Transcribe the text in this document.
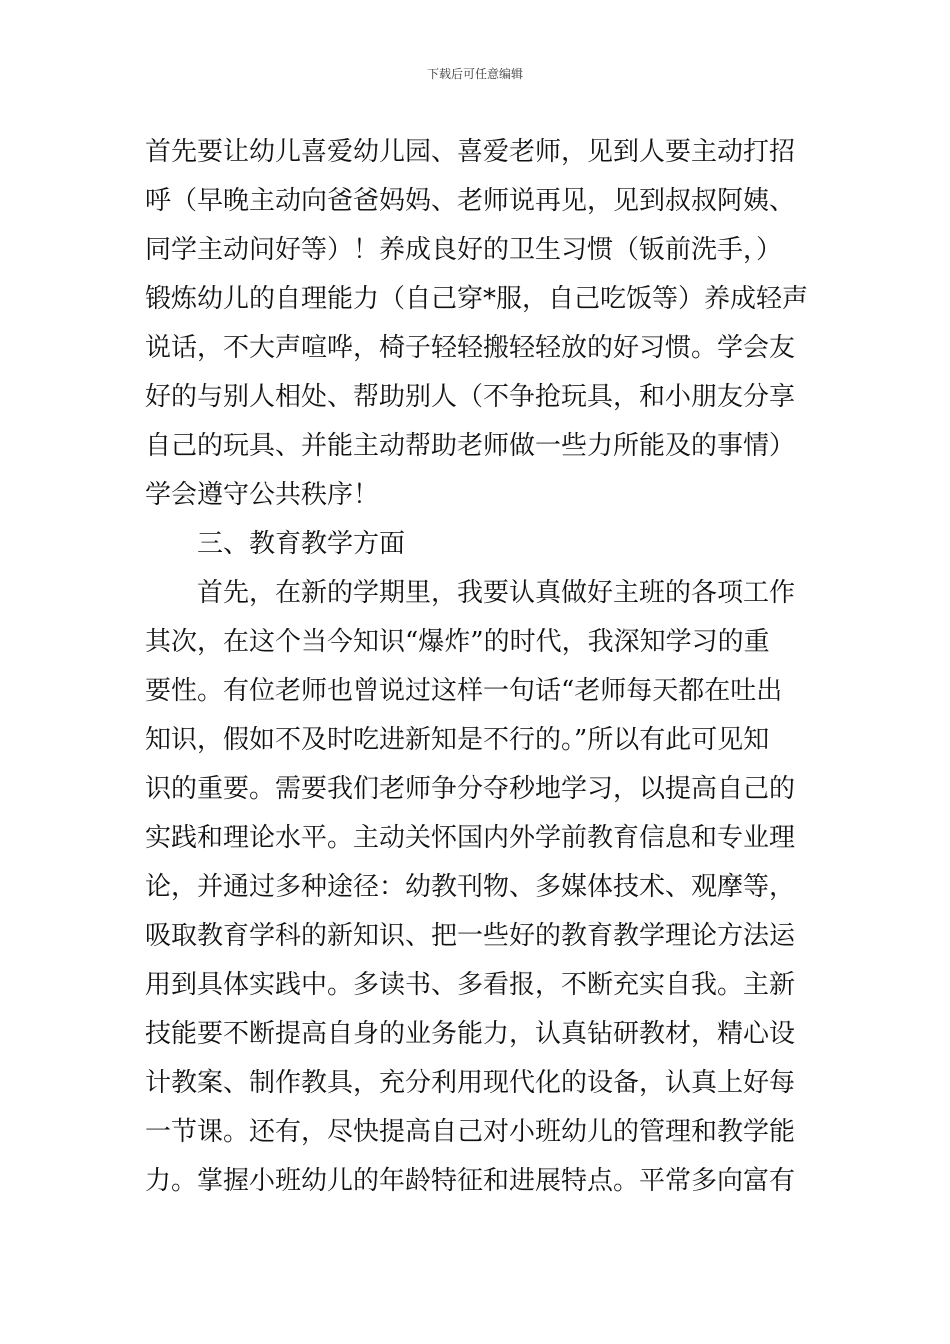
下载后可任意编辑
首先要让幼儿喜爱幼儿园、喜爱老师，见到人要主动打招
呼（早晚主动向爸爸妈妈、老师说再见，见到叔叔阿姨、
同学主动问好等）！养成良好的卫生习惯（钣前洗手，）
锻炼幼儿的自理能力（自己穿*服，自己吃饭等）养成轻声
说话，不大声喧哗，椅子轻轻搬轻轻放的好习惯。学会友
好的与别人相处、帮助别人（不争抢玩具，和小朋友分享
自己的玩具、并能主动帮助老师做一些力所能及的事情）
学会遵守公共秩序！
三、教育教学方面
首先，在新的学期里，我要认真做好主班的各项工作
其次，在这个当今知识“爆炸”的时代，我深知学习的重
要性。有位老师也曾说过这样一句话“老师每天都在吐出
知识，假如不及时吃进新知是不行的。”所以有此可见知
识的重要。需要我们老师争分夺秒地学习，以提高自己的
实践和理论水平。主动关怀国内外学前教育信息和专业理
论，并通过多种途径：幼教刊物、多媒体技术、观摩等，
吸取教育学科的新知识、把一些好的教育教学理论方法运
用到具体实践中。多读书、多看报，不断充实自我。主新
技能要不断提高自身的业务能力，认真钻研教材，精心设
计教案、制作教具，充分利用现代化的设备，认真上好每
一节课。还有，尽快提高自己对小班幼儿的管理和教学能
力。掌握小班幼儿的年龄特征和进展特点。平常多向富有
